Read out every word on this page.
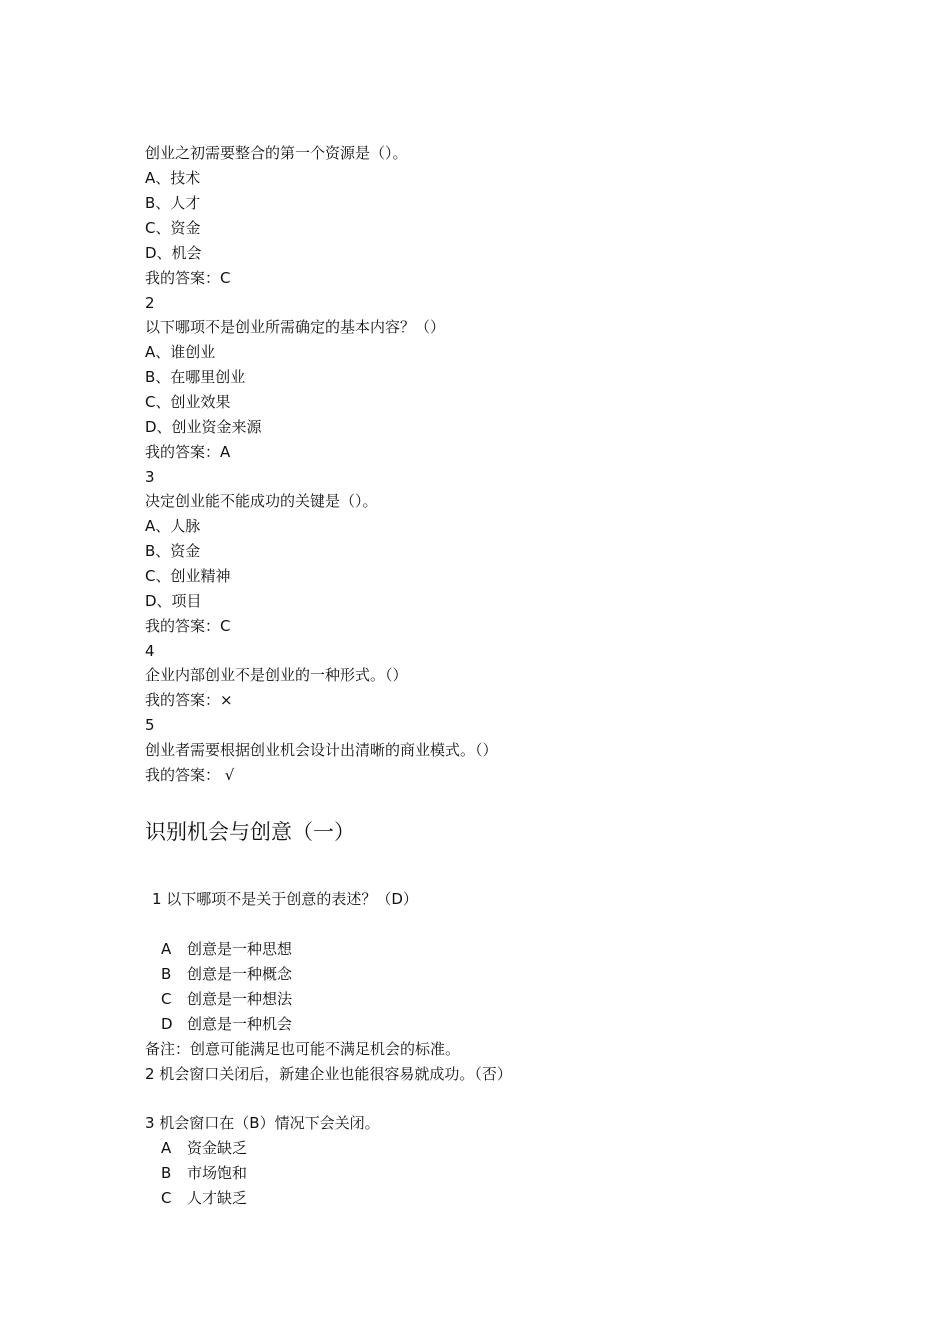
创业之初需要整合的第一个资源是（）。
A、技术
B、人才
C、资金
D、机会
我的答案：C
2
以下哪项不是创业所需确定的基本内容？（）
A、谁创业
B、在哪里创业
C、创业效果
D、创业资金来源
我的答案：A
3
决定创业能不能成功的关键是（）。
A、人脉
B、资金
C、创业精神
D、项目
我的答案：C
4
企业内部创业不是创业的一种形式。（）
我的答案：×
5
创业者需要根据创业机会设计出清晰的商业模式。（）
我的答案： √
识别机会与创意（一）
1 以下哪项不是关于创意的表述？（D）
A 创意是一种思想
B 创意是一种概念
C 创意是一种想法
D 创意是一种机会
备注：创意可能满足也可能不满足机会的标准。
2 机会窗口关闭后，新建企业也能很容易就成功。（否）
3 机会窗口在（B）情况下会关闭。
A 资金缺乏
B 市场饱和
C 人才缺乏
